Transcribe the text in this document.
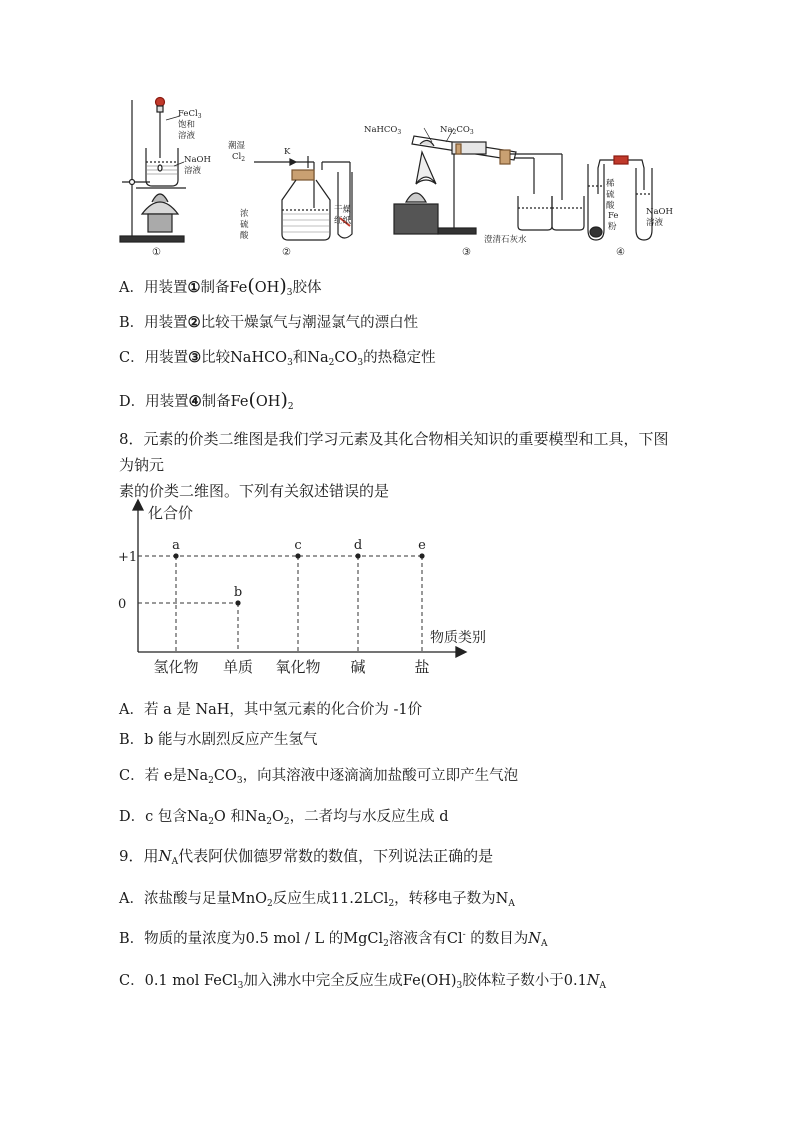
FeCl$_3$
饱和
溶液
NaOH
溶液
①
潮湿
$Cl_2$
K
浓
硫
酸
干燥
红纸
②
NaHCO$_3$	$Na_2CO_3$
澄清石灰水
③
稀
硫
酸
Fe
粉
NaOH
溶液
④
A．用装置①制备$Fe(OH)_3$胶体
B．用装置②比较干燥氯气与潮湿氯气的漂白性
C．用装置③比较NaHCO$_3$和$Na_2CO_3$的热稳定性
D．用装置④制备$Fe(OH)_2$
8．元素的价类二维图是我们学习元素及其化合物相关知识的重要模型和工具，下图为钠元
素的价类二维图。下列有关叙述错误的是
化合价
物质类别
+1
0
氢化物 单质 氧化物 碱	盐
a
b
c	d	e
A．若 a 是 NaH，其中氢元素的化合价为 -1价
B．b 能与水剧烈反应产生氢气
C．若 e是$Na_2CO_3$，向其溶液中逐滴滴加盐酸可立即产生气泡
D．c 包含$Na_2O$ 和$Na_2O_2$，二者均与水反应生成 d
9．用$N_A$代表阿伏伽德罗常数的数值，下列说法正确的是
A．浓盐酸与足量MnO$_2$反应生成11.2LCl$_2$，转移电子数为$N_A$
B．物质的量浓度为0.5 mol / L 的MgCl$_2$溶液含有Cl- 的数目为$N_A$
C．0.1 mol FeCl$_3$加入沸水中完全反应生成$Fe(OH)_3$胶体粒子数小于$0.1N_A$
